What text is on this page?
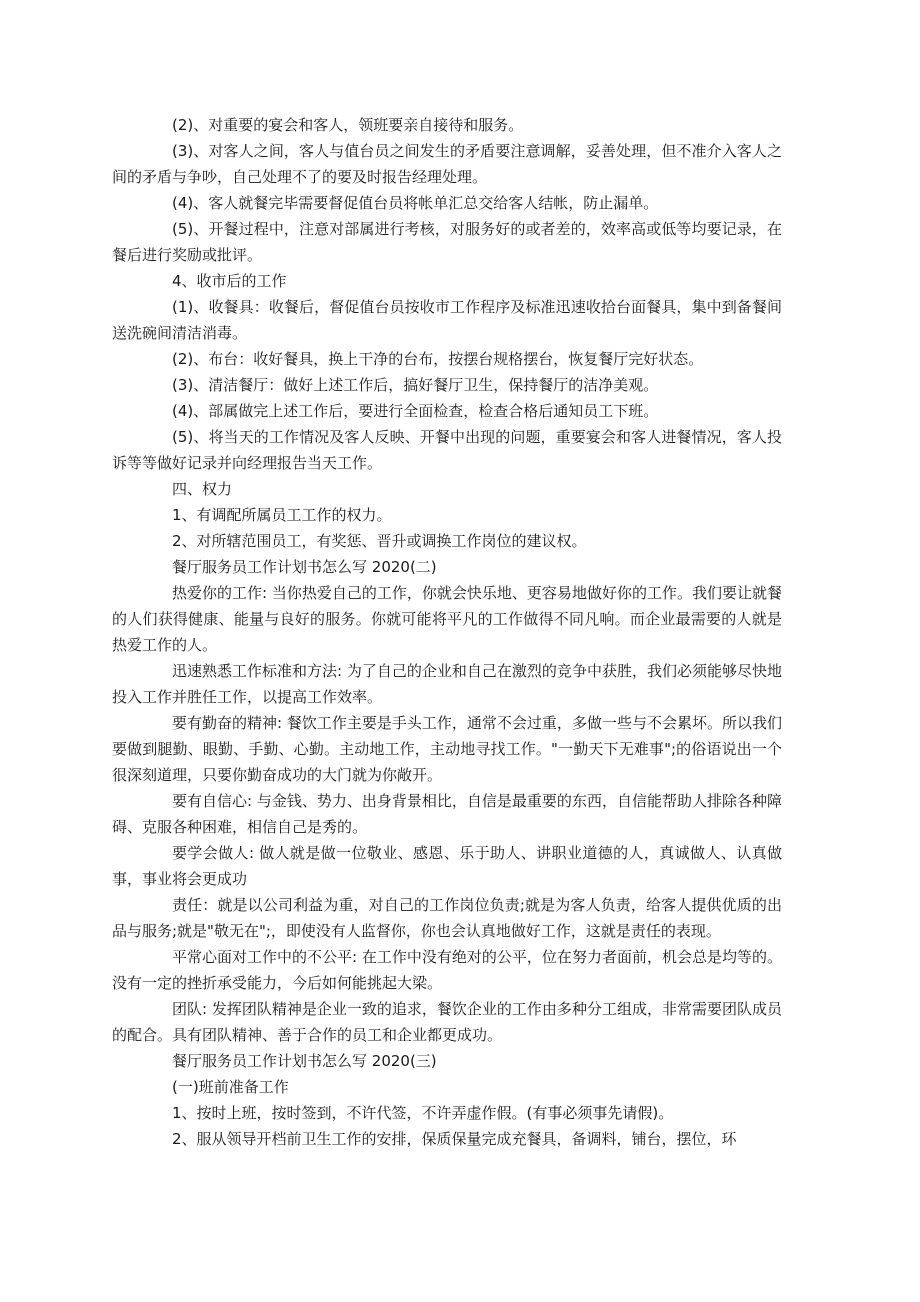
(2)、对重要的宴会和客人，领班要亲自接待和服务。

(3)、对客人之间，客人与值台员之间发生的矛盾要注意调解，妥善处理，但不准介入客人之间的矛盾与争吵，自己处理不了的要及时报告经理处理。

(4)、客人就餐完毕需要督促值台员将帐单汇总交给客人结帐，防止漏单。

(5)、开餐过程中，注意对部属进行考核，对服务好的或者差的，效率高或低等均要记录，在餐后进行奖励或批评。

4、收市后的工作

(1)、收餐具：收餐后，督促值台员按收市工作程序及标准迅速收拾台面餐具，集中到备餐间送洗碗间清洁消毒。

(2)、布台：收好餐具，换上干净的台布，按摆台规格摆台，恢复餐厅完好状态。

(3)、清洁餐厅：做好上述工作后，搞好餐厅卫生，保持餐厅的洁净美观。

(4)、部属做完上述工作后，要进行全面检查，检查合格后通知员工下班。

(5)、将当天的工作情况及客人反映、开餐中出现的问题，重要宴会和客人进餐情况，客人投诉等等做好记录并向经理报告当天工作。

四、权力

1、有调配所属员工工作的权力。

2、对所辖范围员工，有奖惩、晋升或调换工作岗位的建议权。

餐厅服务员工作计划书怎么写 2020(二)

热爱你的工作: 当你热爱自己的工作，你就会快乐地、更容易地做好你的工作。我们要让就餐的人们获得健康、能量与良好的服务。你就可能将平凡的工作做得不同凡响。而企业最需要的人就是热爱工作的人。

迅速熟悉工作标准和方法: 为了自己的企业和自己在激烈的竞争中获胜，我们必须能够尽快地投入工作并胜任工作，以提高工作效率。

要有勤奋的精神: 餐饮工作主要是手头工作，通常不会过重，多做一些与不会累坏。所以我们要做到腿勤、眼勤、手勤、心勤。主动地工作，主动地寻找工作。"一勤天下无难事";的俗语说出一个很深刻道理，只要你勤奋成功的大门就为你敞开。

要有自信心: 与金钱、势力、出身背景相比，自信是最重要的东西，自信能帮助人排除各种障碍、克服各种困难，相信自己是秀的。

要学会做人: 做人就是做一位敬业、感恩、乐于助人、讲职业道德的人，真诚做人、认真做事，事业将会更成功

责任：就是以公司利益为重，对自己的工作岗位负责;就是为客人负责，给客人提供优质的出品与服务;就是"敬无在";，即使没有人监督你，你也会认真地做好工作，这就是责任的表现。

平常心面对工作中的不公平: 在工作中没有绝对的公平，位在努力者面前，机会总是均等的。没有一定的挫折承受能力，今后如何能挑起大梁。

团队: 发挥团队精神是企业一致的追求，餐饮企业的工作由多种分工组成，非常需要团队成员的配合。具有团队精神、善于合作的员工和企业都更成功。

餐厅服务员工作计划书怎么写 2020(三)

(一)班前准备工作

1、按时上班，按时签到，不许代签，不许弄虚作假。(有事必须事先请假)。

2、服从领导开档前卫生工作的安排，保质保量完成充餐具，备调料，铺台，摆位，环
